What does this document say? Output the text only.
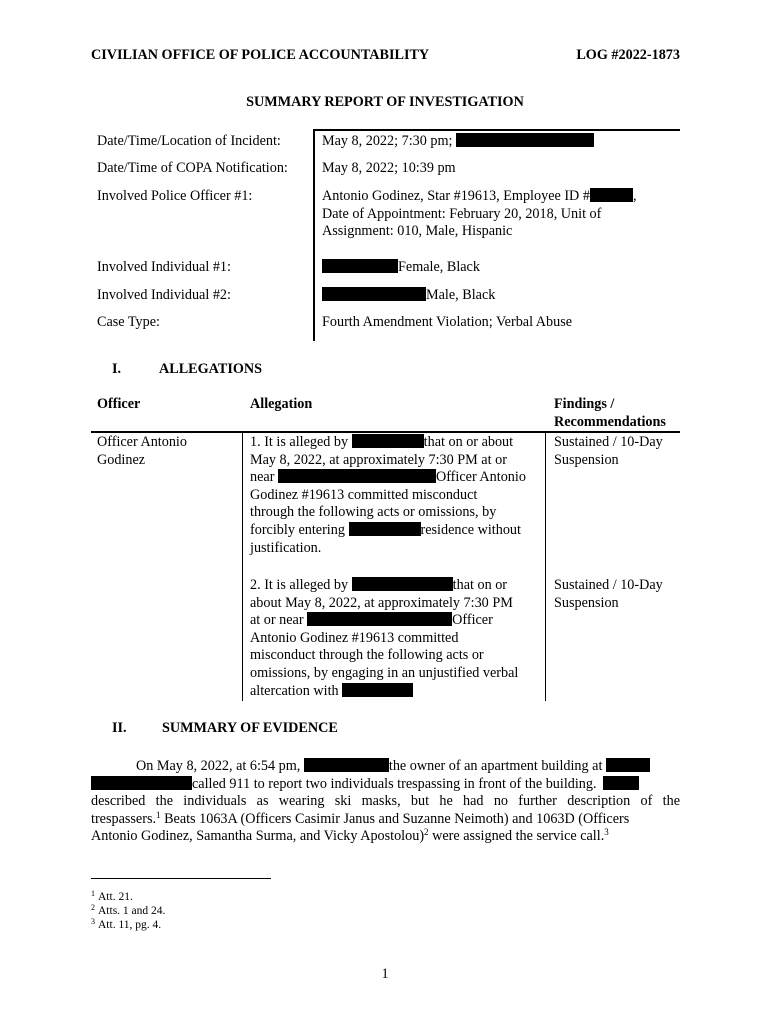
CIVILIAN OFFICE OF POLICE ACCOUNTABILITY	LOG #2022-1873
SUMMARY REPORT OF INVESTIGATION
Date/Time/Location of Incident:	May 8, 2022; 7:30 pm;
Date/Time of COPA Notification: May 8, 2022; 10:39 pm
Involved Police Officer #1:	Antonio Godinez, Star #19613, Employee ID #	,
Date of Appointment: February 20, 2018, Unit of
Assignment: 010, Male, Hispanic
Involved Individual #1:	Female, Black
Involved Individual #2:	Male, Black
Case Type:	Fourth Amendment Violation; Verbal Abuse
I.	ALLEGATIONS
Officer	Allegation	Findings /
Recommendations
Officer Antonio
Godinez
1. It is alleged by	that on or about
May 8, 2022, at approximately 7:30 PM at or
near	Officer Antonio
Godinez #19613 committed misconduct
through the following acts or omissions, by
forcibly entering	residence without
justification.
Sustained / 10-Day
Suspension
2. It is alleged by	that on or
about May 8, 2022, at approximately 7:30 PM
at or near	Officer
Antonio Godinez #19613 committed
misconduct through the following acts or
omissions, by engaging in an unjustified verbal
altercation with
Sustained / 10-Day
Suspension
II. SUMMARY OF EVIDENCE
On May 8, 2022, at 6:54 pm,	the owner of an apartment building at
called 911 to report two individuals trespassing in front of the building.
described the individuals as wearing ski masks, but he had no further description of the
trespassers.$^1$ Beats 1063A (Officers Casimir Janus and Suzanne Neimoth) and 1063D (Officers
Antonio Godinez, Samantha Surma, and Vicky Apostolou)$^2$ were assigned the service call.$^3$
$^1$ Att. 21.
$^2$ Atts. 1 and 24.
$^3$ Att. 11, pg. 4.
1
